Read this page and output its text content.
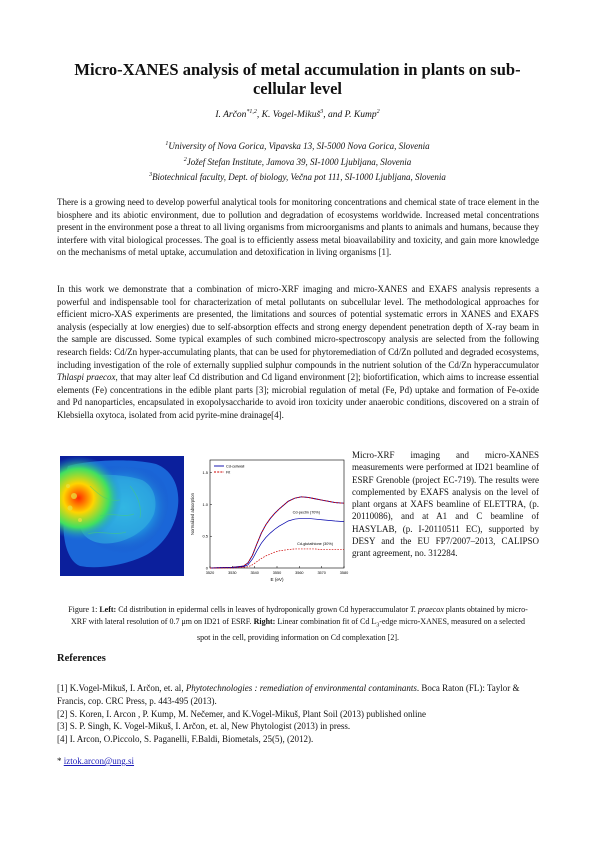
Micro-XANES analysis of metal accumulation in plants on sub-cellular level
I. Arčon$^{*1,2}$, K. Vogel-Mikuš$^3$, and P. Kump$^2$
$^1$University of Nova Gorica, Vipavska 13, SI-5000 Nova Gorica, Slovenia
$^2$Jožef Stefan Institute, Jamova 39, SI-1000 Ljubljana, Slovenia
$^3$Biotechnical faculty, Dept. of biology, Večna pot 111, SI-1000 Ljubljana, Slovenia

There is a growing need to develop powerful analytical tools for monitoring concentrations and chemical state of trace element in the biosphere and its abiotic environment, due to pollution and degradation of ecosystems worldwide. Increased metal concentrations present in the environment pose a threat to all living organisms from microorganisms and plants to animals and humans, because they interfere with vital biological processes. The goal is to efficiently assess metal bioavailability and toxicity, and gain more knowledge on the mechanisms of metal uptake, accumulation and detoxification in living organisms [1].

In this work we demonstrate that a combination of micro-XRF imaging and micro-XANES and EXAFS analysis represents a powerful and indispensable tool for characterization of metal pollutants on subcellular level. The methodological approaches for efficient micro-XAS experiments are presented, the limitations and sources of potential systematic errors in XANES and EXAFS analysis (especially at low energies) due to self-absorption effects and strong energy dependent penetration depth of X-ray beam in the sample are discussed. Some typical examples of such combined micro-spectroscopy analysis are selected from the following research fields: Cd/Zn hyper-accumulating plants, that can be used for phytoremediation of Cd/Zn polluted and degraded ecosystems, including investigation of the role of externally supplied sulphur compounds in the nutrient solution of the Cd/Zn hyperaccumulator Thlaspi praecox, that may alter leaf Cd distribution and Cd ligand environment [2]; biofortification, which aims to increase essential elements (Fe) concentrations in the edible plant parts [3]; microbial regulation of metal (Fe, Pd) uptake and formation of Fe-oxide and Pd nanoparticles, encapsulated in exopolysaccharide to avoid iron toxicity under anaerobic conditions, discovered on a strain of Klebsiella oxytoca, isolated from acid pyrite-mine drainage[4].

3520	3530	3540	3550	3560	3570	3580
0
0.5
1.0
1.5
E (eV)
Normalized absorption
Cd-cellwall
Fit
Cd-pectin (70%)
Cd-glutathione (30%)

Micro-XRF imaging and micro-XANES measurements were performed at ID21 beamline of ESRF Grenoble (project EC-719). The results were complemented by EXAFS analysis on the level of plant organs at XAFS beamline of ELETTRA, (p. 20110086), and at A1 and C beamline of HASYLAB, (p. I-20110511 EC), supported by DESY and the EU FP7/2007–2013, CALIPSO grant agreement, no. 312284.

Figure 1: Left: Cd distribution in epidermal cells in leaves of hydroponically grown Cd hyperaccumulator T. praecox plants obtained by micro-XRF with lateral resolution of 0.7 μm on ID21 of ESRF. Right: Linear combination fit of Cd $L_3$-edge micro-XANES, measured on a selected spot in the cell, providing information on Cd complexation [2].

References
[1] K.Vogel-Mikuš, I. Arčon, et. al, Phytotechnologies : remediation of environmental contaminants. Boca Raton (FL): Taylor & Francis, cop. CRC Press, p. 443-495 (2013).
[2] S. Koren, I. Arcon , P. Kump, M. Nečemer, and K.Vogel-Mikuš, Plant Soil (2013) published online
[3] S. P. Singh, K. Vogel-Mikuš, I. Arčon, et. al, New Phytologist (2013) in press.
[4] I. Arcon, O.Piccolo, S. Paganelli, F.Baldi, Biometals, 25(5), (2012).
* iztok.arcon@ung.si
